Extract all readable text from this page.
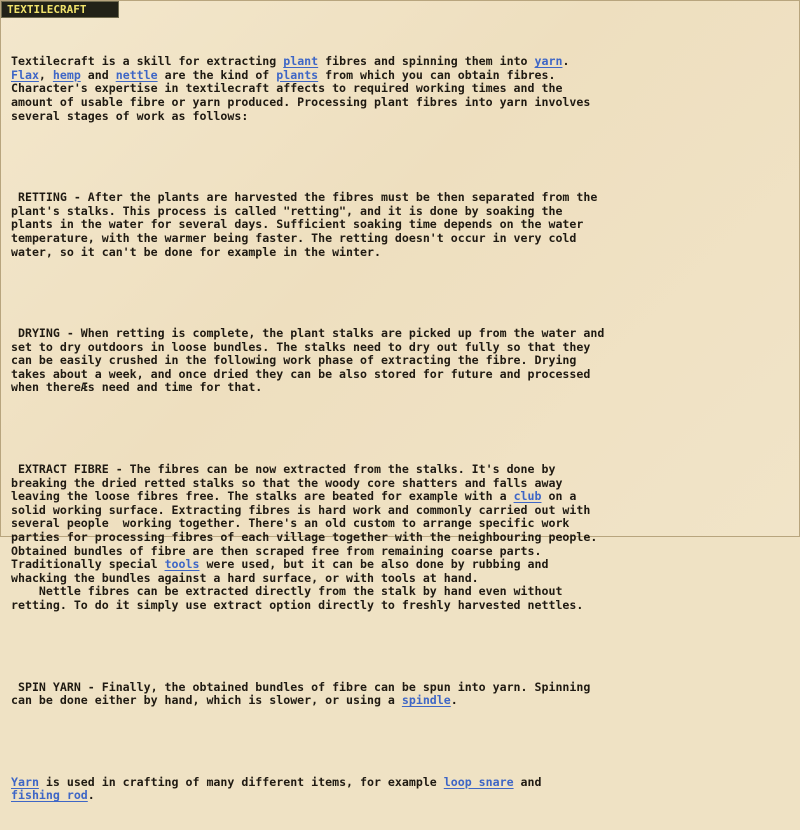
TEXTILECRAFT

Textilecraft is a skill for extracting plant fibres and spinning them into yarn.
Flax, hemp and nettle are the kind of plants from which you can obtain fibres.
Character's expertise in textilecraft affects to required working times and the
amount of usable fibre or yarn produced. Processing plant fibres into yarn involves
several stages of work as follows:

RETTING - After the plants are harvested the fibres must be then separated from the
plant's stalks. This process is called "retting", and it is done by soaking the
plants in the water for several days. Sufficient soaking time depends on the water
temperature, with the warmer being faster. The retting doesn't occur in very cold
water, so it can't be done for example in the winter.

DRYING - When retting is complete, the plant stalks are picked up from the water and
set to dry outdoors in loose bundles. The stalks need to dry out fully so that they
can be easily crushed in the following work phase of extracting the fibre. Drying
takes about a week, and once dried they can be also stored for future and processed
when thereÆs need and time for that.

EXTRACT FIBRE - The fibres can be now extracted from the stalks. It's done by
breaking the dried retted stalks so that the woody core shatters and falls away
leaving the loose fibres free. The stalks are beated for example with a club on a
solid working surface. Extracting fibres is hard work and commonly carried out with
several people  working together. There's an old custom to arrange specific work
parties for processing fibres of each village together with the neighbouring people.
Obtained bundles of fibre are then scraped free from remaining coarse parts.
Traditionally special tools were used, but it can be also done by rubbing and
whacking the bundles against a hard surface, or with tools at hand.
Nettle fibres can be extracted directly from the stalk by hand even without
retting. To do it simply use extract option directly to freshly harvested nettles.

SPIN YARN - Finally, the obtained bundles of fibre can be spun into yarn. Spinning
can be done either by hand, which is slower, or using a spindle.

Yarn is used in crafting of many different items, for example loop snare and
fishing rod.
